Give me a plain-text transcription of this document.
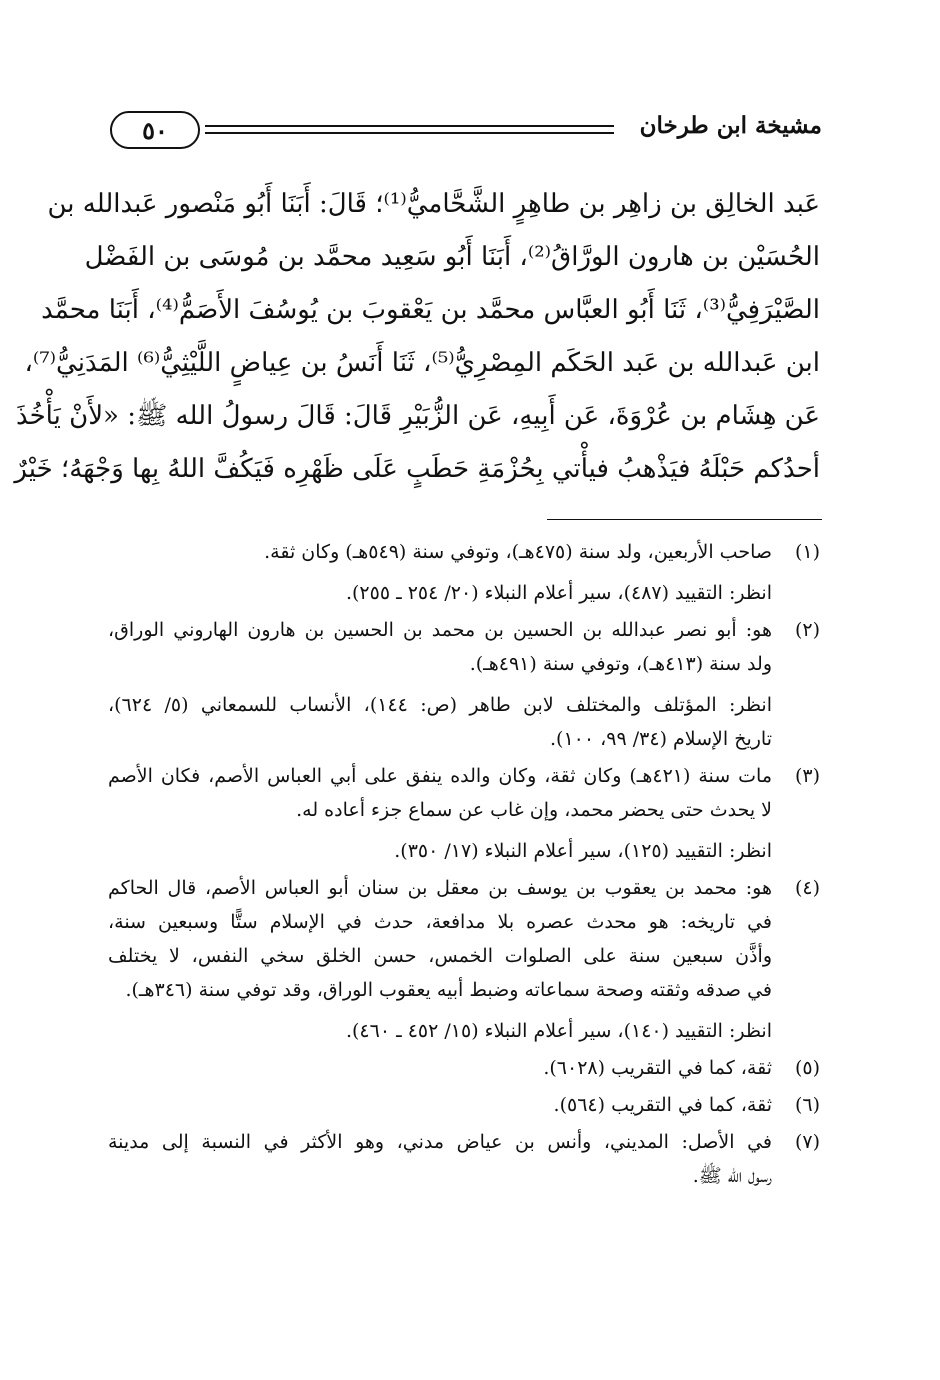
٥٠	مشيخة ابن طرخان
عَبد الخالِق بن زاهِر بن طاهِرٍ الشَّحَّاميُّ⁽¹⁾؛ قَالَ: أَبَنَا أَبُو مَنْصور عَبدالله بن
الحُسَيْن بن هارون الورَّاقُ⁽²⁾، أَبَنَا أَبُو سَعِيد محمَّد بن مُوسَى بن الفَضْل
الصَّيْرَفِيُّ⁽³⁾، ثَنَا أَبُو العبَّاس محمَّد بن يَعْقوبَ بن يُوسُفَ الأَصَمُّ⁽⁴⁾، أَبَنَا محمَّد
ابن عَبدالله بن عَبد الحَكَم المِصْرِيُّ⁽⁵⁾، ثَنَا أَنَسُ بن عِياضٍ اللَّيْثِيُّ⁽⁶⁾ المَدَنِيُّ⁽⁷⁾،
عَن هِشَام بن عُرْوَةَ، عَن أَبِيهِ، عَن الزُّبَيْرِ قَالَ: قَالَ رسولُ الله ﷺ: «لأَنْ يَأْخُذَ
أحدُكم حَبْلَهُ فيَذْهبُ فيأْتي بِحُزْمَةِ حَطَبٍ عَلَى ظَهْرِه فَيَكُفَّ اللهُ بِها وَجْهَهُ؛ خَيْرٌ
(١)
صاحب الأربعين، ولد سنة (٤٧٥هـ)، وتوفي سنة (٥٤٩هـ) وكان ثقة.
انظر: التقييد (٤٨٧)، سير أعلام النبلاء (٢٠/ ٢٥٤ ـ ٢٥٥).
(٢)
هو: أبو نصر عبدالله بن الحسين بن محمد بن الحسين بن هارون الهاروني الوراق،
ولد سنة (٤١٣هـ)، وتوفي سنة (٤٩١هـ).
انظر: المؤتلف والمختلف لابن طاهر (ص: ١٤٤)، الأنساب للسمعاني (٥/ ٦٢٤)،
تاريخ الإسلام (٣٤/ ٩٩، ١٠٠).
(٣)
مات سنة (٤٢١هـ) وكان ثقة، وكان والده ينفق على أبي العباس الأصم، فكان الأصم
لا يحدث حتى يحضر محمد، وإن غاب عن سماع جزء أعاده له.
انظر: التقييد (١٢٥)، سير أعلام النبلاء (١٧/ ٣٥٠).
(٤)
هو: محمد بن يعقوب بن يوسف بن معقل بن سنان أبو العباس الأصم، قال الحاكم
في تاريخه: هو محدث عصره بلا مدافعة، حدث في الإسلام ستًّا وسبعين سنة،
وأذَّن سبعين سنة على الصلوات الخمس، حسن الخلق سخي النفس، لا يختلف
في صدقه وثقته وصحة سماعاته وضبط أبيه يعقوب الوراق، وقد توفي سنة (٣٤٦هـ).
انظر: التقييد (١٤٠)، سير أعلام النبلاء (١٥/ ٤٥٢ ـ ٤٦٠).
(٥)
ثقة، كما في التقريب (٦٠٢٨).
(٦)
ثقة، كما في التقريب (٥٦٤).
(٧)
في الأصل: المديني، وأنس بن عياض مدني، وهو الأكثر في النسبة إلى مدينة
رسول الله ﷺ.
